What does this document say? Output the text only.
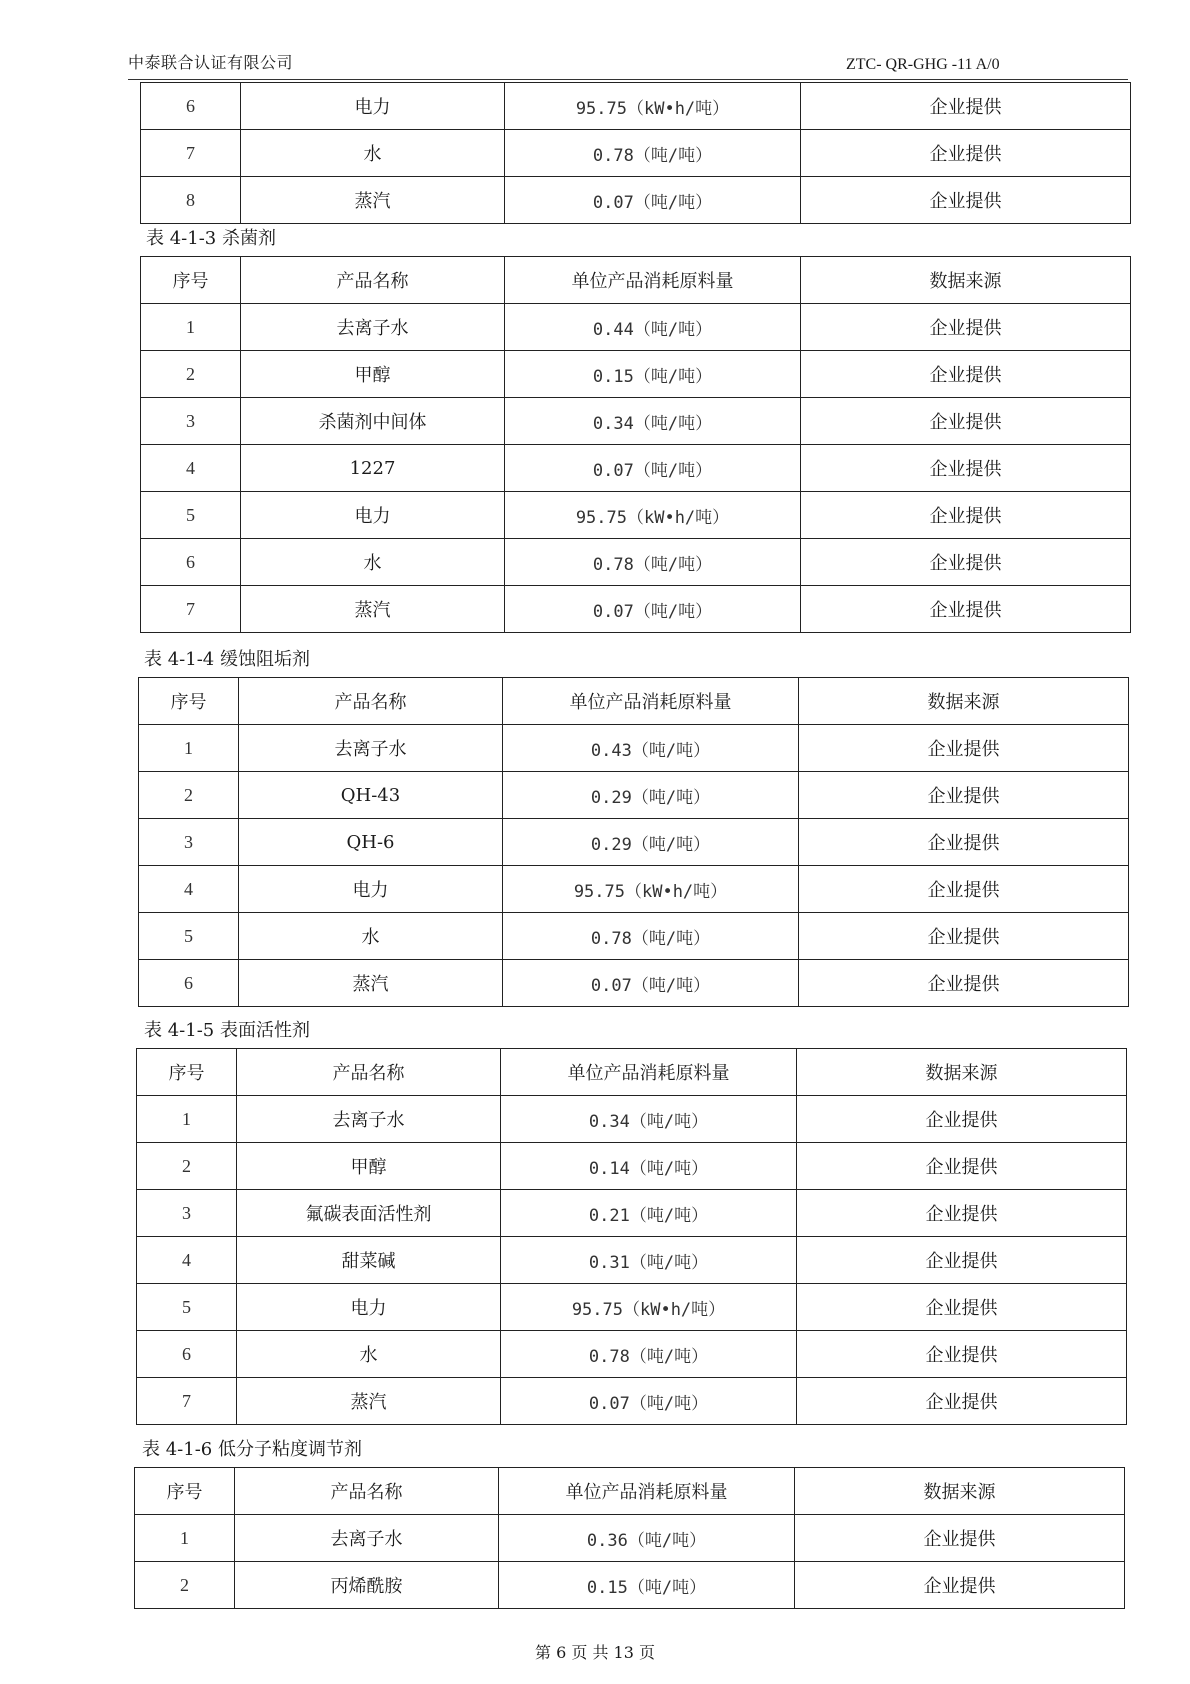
中泰联合认证有限公司	ZTC- QR-GHG -11 A/0
6	电力	95.75（kW•h/吨）	企业提供
7	水	0.78（吨/吨）	企业提供
8	蒸汽	0.07（吨/吨）	企业提供
表 4-1-3 杀菌剂
序号	产品名称	单位产品消耗原料量	数据来源
1	去离子水	0.44（吨/吨）	企业提供
2	甲醇	0.15（吨/吨）	企业提供
3	杀菌剂中间体	0.34（吨/吨）	企业提供
4	1227	0.07（吨/吨）	企业提供
5	电力	95.75（kW•h/吨）	企业提供
6	水	0.78（吨/吨）	企业提供
7	蒸汽	0.07（吨/吨）	企业提供
表 4-1-4 缓蚀阻垢剂
序号	产品名称	单位产品消耗原料量	数据来源
1	去离子水	0.43（吨/吨）	企业提供
2	QH-43	0.29（吨/吨）	企业提供
3	QH-6	0.29（吨/吨）	企业提供
4	电力	95.75（kW•h/吨）	企业提供
5	水	0.78（吨/吨）	企业提供
6	蒸汽	0.07（吨/吨）	企业提供
表 4-1-5 表面活性剂
序号	产品名称	单位产品消耗原料量	数据来源
1	去离子水	0.34（吨/吨）	企业提供
2	甲醇	0.14（吨/吨）	企业提供
3	氟碳表面活性剂	0.21（吨/吨）	企业提供
4	甜菜碱	0.31（吨/吨）	企业提供
5	电力	95.75（kW•h/吨）	企业提供
6	水	0.78（吨/吨）	企业提供
7	蒸汽	0.07（吨/吨）	企业提供
表 4-1-6 低分子粘度调节剂
序号	产品名称	单位产品消耗原料量	数据来源
1	去离子水	0.36（吨/吨）	企业提供
2	丙烯酰胺	0.15（吨/吨）	企业提供
第 6 页 共 13 页
